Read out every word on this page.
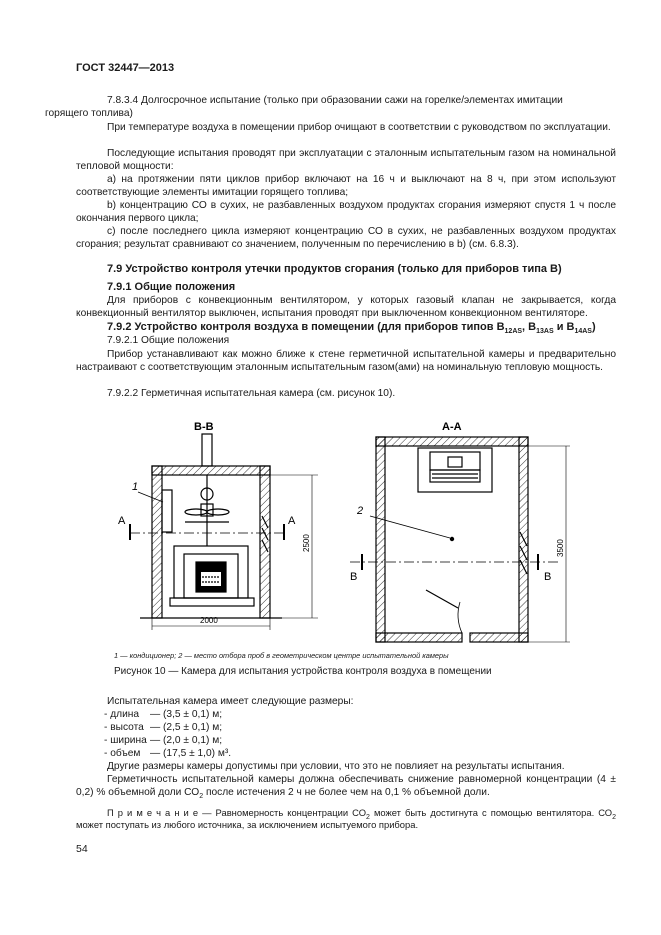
ГОСТ 32447—2013
7.8.3.4 Долгосрочное испытание (только при образовании сажи на горелке/элементах имитации
горящего топлива)
При температуре воздуха в помещении прибор очищают в соответствии с руководством по эксплуатации.
Последующие испытания проводят при эксплуатации с эталонным испытательным газом на номинальной тепловой мощности:
a) на протяжении пяти циклов прибор включают на 16 ч и выключают на 8 ч, при этом используют соответствующие элементы имитации горящего топлива;
b) концентрацию СО в сухих, не разбавленных воздухом продуктах сгорания измеряют спустя 1 ч после окончания первого цикла;
c) после последнего цикла измеряют концентрацию СО в сухих, не разбавленных воздухом продуктах сгорания; результат сравнивают со значением, полученным по перечислению в b) (см. 6.8.3).
7.9 Устройство контроля утечки продуктов сгорания (только для приборов типа В)
7.9.1 Общие положения
Для приборов с конвекционным вентилятором, у которых газовый клапан не закрывается, когда конвекционный вентилятор выключен, испытания проводят при выключенном конвекционном вентиляторе.
7.9.2 Устройство контроля воздуха в помещении (для приборов типов $В_{12AS}$, $В_{13AS}$ и $В_{14AS}$)
7.9.2.1 Общие положения
Прибор устанавливают как можно ближе к стене герметичной испытательной камеры и предварительно настраивают с соответствующим эталонным испытательным газом(ами) на номинальную тепловую мощность.
7.9.2.2 Герметичная испытательная камера (см. рисунок 10).
В-В
А	А
1
2000
2500
А-А
В	В
2
3500
1 — кондиционер; 2 — место отбора проб в геометрическом центре испытательной камеры
Рисунок 10 — Камера для испытания устройства контроля воздуха в помещении
Испытательная камера имеет следующие размеры:
- длина — (3,5 ± 0,1) м;
- высота — (2,5 ± 0,1) м;
- ширина — (2,0 ± 0,1) м;
- объем — (17,5 ± 1,0) м³.
Другие размеры камеры допустимы при условии, что это не повлияет на результаты испытания.
Герметичность испытательной камеры должна обеспечивать снижение равномерной концентрации (4 ± 0,2) % объемной доли $СО_2$ после истечения 2 ч не более чем на 0,1 % объемной доли.
П р и м е ч а н и е — Равномерность концентрации $СО_2$ может быть достигнута с помощью вентилятора. $СО_2$ может поступать из любого источника, за исключением испытуемого прибора.
54
